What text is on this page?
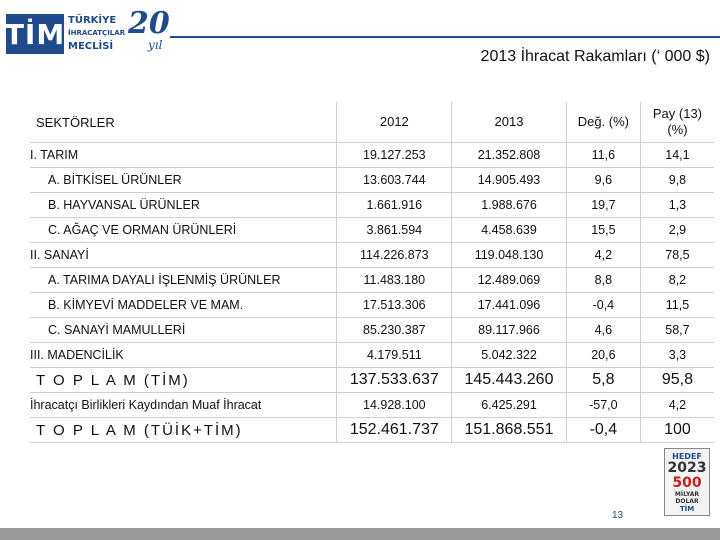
TİM TÜRKİYE
İHRACATÇILAR
MECLİSİ
20
yıl
2013 İhracat Rakamları (‘ 000 $)
SEKTÖRLER	2012	2013	Değ. (%)	Pay (13)(%)
I. TARIM	19.127.253	21.352.808	11,6	14,1
A. BİTKİSEL ÜRÜNLER	13.603.744	14.905.493	9,6	9,8
B. HAYVANSAL ÜRÜNLER	1.661.916	1.988.676	19,7	1,3
C. AĞAÇ VE ORMAN ÜRÜNLERİ	3.861.594	4.458.639	15,5	2,9
II. SANAYİ	114.226.873	119.048.130	4,2	78,5
A. TARIMA DAYALI İŞLENMİŞ ÜRÜNLER	11.483.180	12.489.069	8,8	8,2
B. KİMYEVİ MADDELER VE MAM.	17.513.306	17.441.096	-0,4	11,5
C. SANAYİ MAMULLERİ	85.230.387	89.117.966	4,6	58,7
III. MADENCİLİK	4.179.511	5.042.322	20,6	3,3
T O P L A M (TİM)	137.533.637	145.443.260	5,8	95,8
İhracatçı Birlikleri Kaydından Muaf İhracat	14.928.100	6.425.291	-57,0	4,2
T O P L A M (TÜİK+TİM)	152.461.737	151.868.551	-0,4	100
HEDEF
2023
500
MİLYAR
DOLAR
TİM
13
